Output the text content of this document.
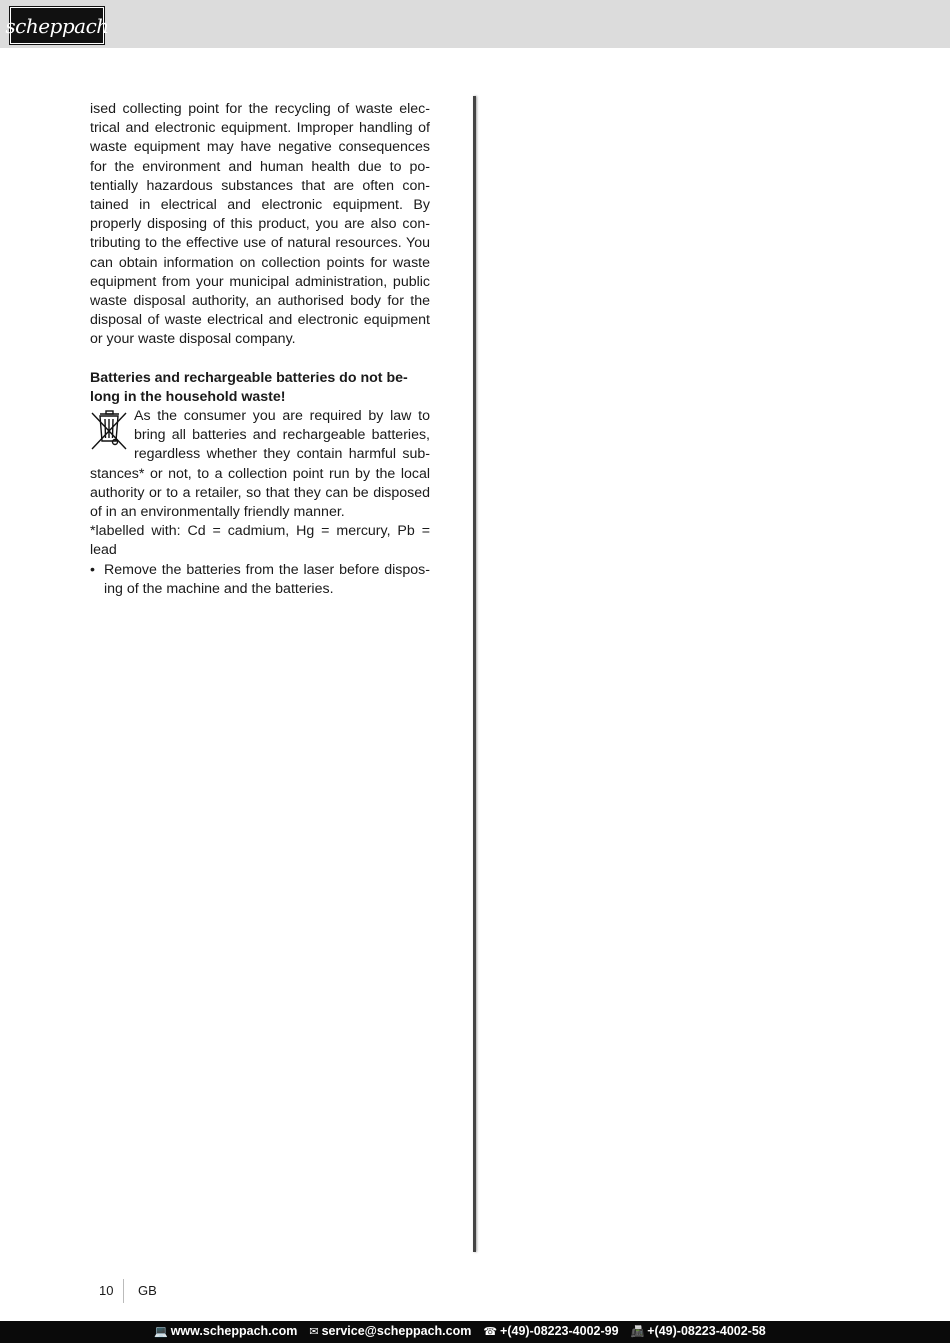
scheppach

ised collecting point for the recycling of waste electrical and electronic equipment. Improper handling of waste equipment may have negative consequences for the environment and human health due to potentially hazardous substances that are often contained in electrical and electronic equipment. By properly disposing of this product, you are also contributing to the effective use of natural resources. You can obtain information on collection points for waste equipment from your municipal administration, public waste disposal authority, an authorised body for the disposal of waste electrical and electronic equipment or your waste disposal company.

Batteries and rechargeable batteries do not belong in the household waste!

As the consumer you are required by law to bring all batteries and rechargeable batteries, regardless whether they contain harmful substances* or not, to a collection point run by the local authority or to a retailer, so that they can be disposed of in an environmentally friendly manner.

*labelled with: Cd = cadmium, Hg = mercury, Pb = lead

• Remove the batteries from the laser before disposing of the machine and the batteries.
10 GB
💻 www.scheppach.com ✉ service@scheppach.com ☎ +(49)-08223-4002-99 📠 +(49)-08223-4002-58
